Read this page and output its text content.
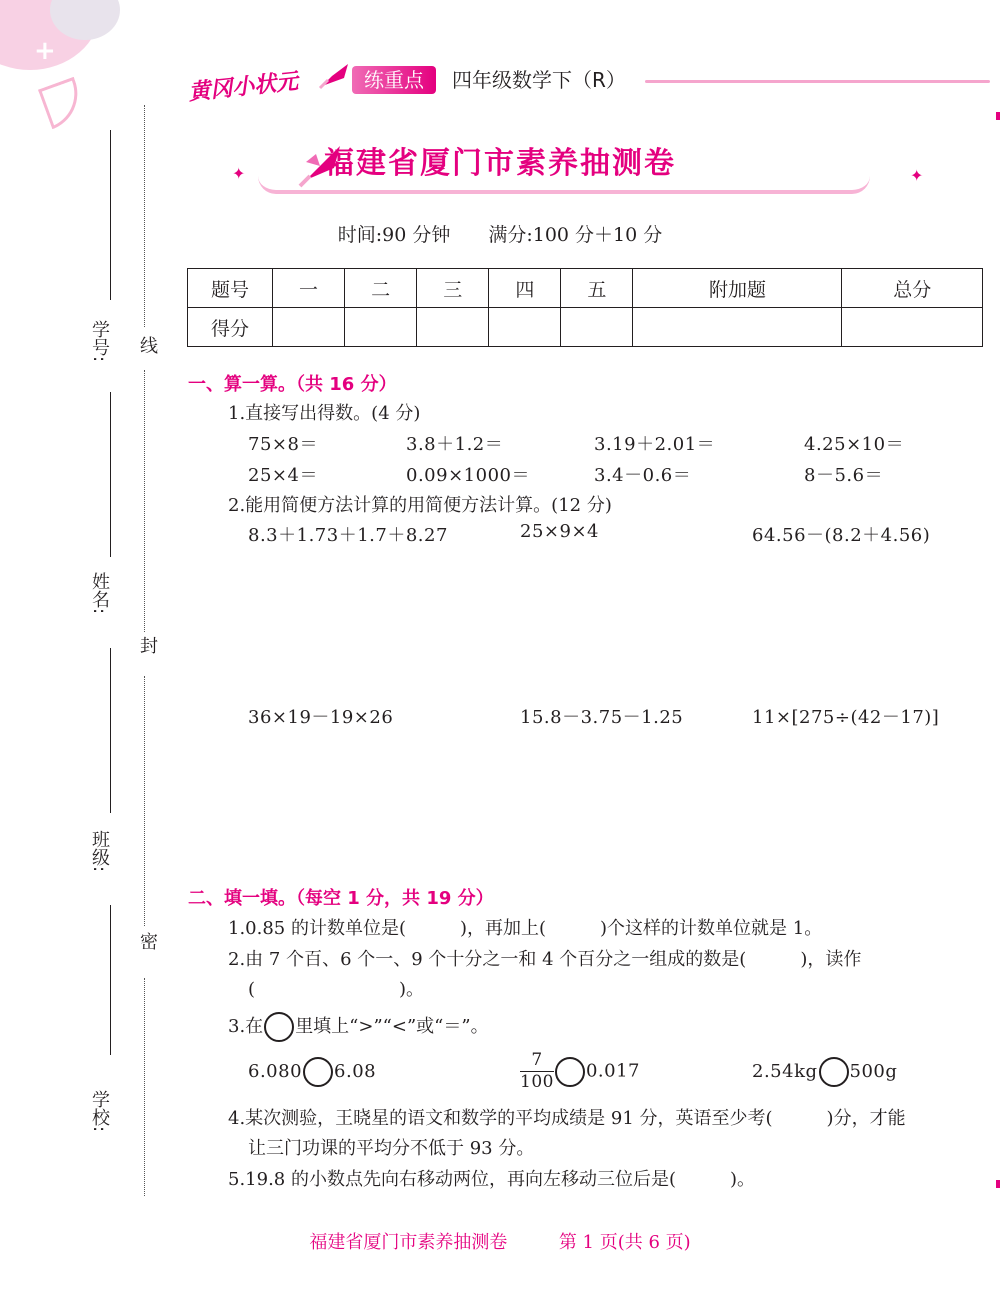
+
黄冈小状元	练重点	四年级数学下（R）
✦	✦
福建省厦门市素养抽测卷
时间:90 分钟　　满分:100 分＋10 分
题号	一	二	三	四	五	附加题	总分
得分							
学号:
姓名:
班级:
学校:
线
封
密
一、算一算。（共 16 分）
1.直接写出得数。(4 分)
75×8＝	3.8＋1.2＝	3.19＋2.01＝	4.25×10＝
25×4＝	0.09×1000＝	3.4－0.6＝	8－5.6＝
2.能用简便方法计算的用简便方法计算。(12 分)
8.3＋1.73＋1.7＋8.27	25×9×4	64.56－(8.2＋4.56)
36×19－19×26	15.8－3.75－1.25	11×[275÷(42－17)]
二、填一填。（每空 1 分，共 19 分）
1.0.85 的计数单位是(　　　)，再加上(　　　)个这样的计数单位就是 1。
2.由 7 个百、6 个一、9 个十分之一和 4 个百分之一组成的数是(　　　)，读作
(　　　　　　　　)。
3.在 里填上“>”“<”或“＝”。
6.080 6.08	$\frac{7}{100} 0.017$	2.54kg 500g
4.某次测验，王晓星的语文和数学的平均成绩是 91 分，英语至少考(　　　)分，才能
让三门功课的平均分不低于 93 分。
5.19.8 的小数点先向右移动两位，再向左移动三位后是(　　　)。
福建省厦门市素养抽测卷	第 1 页(共 6 页)
